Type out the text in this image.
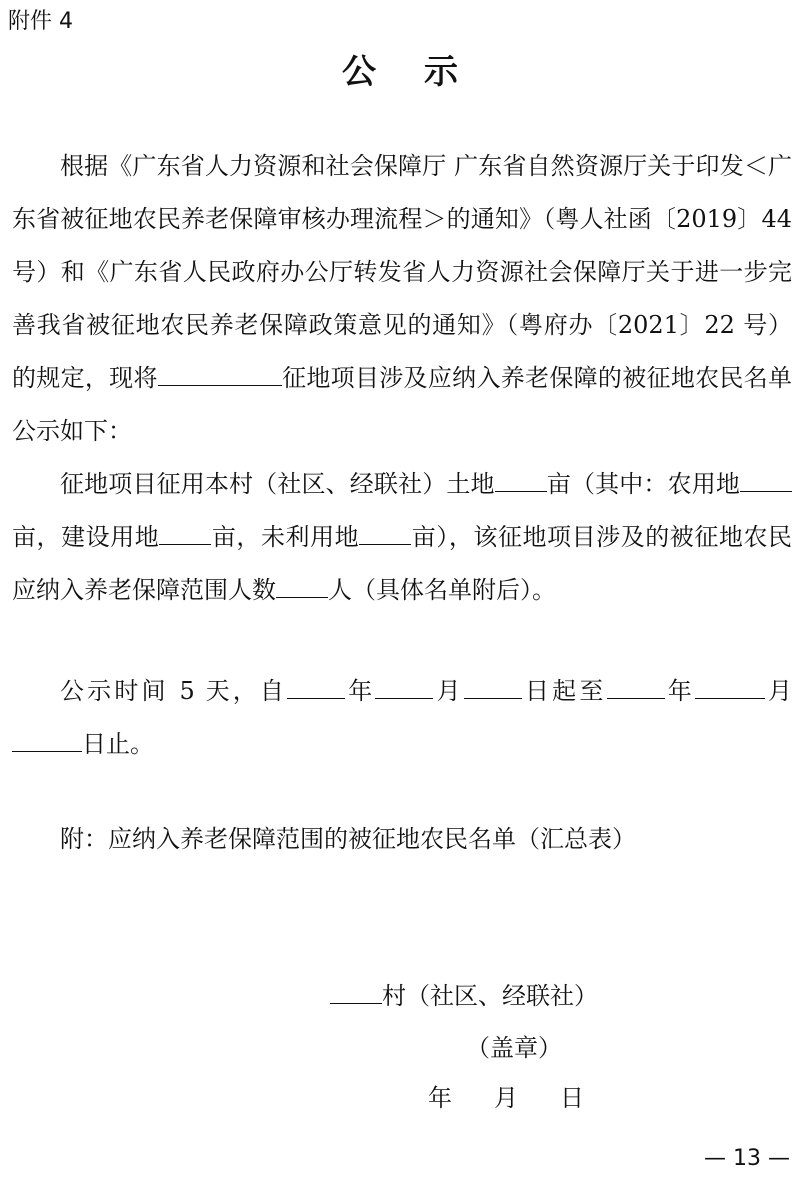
附件 4
公示

根据《广东省人力资源和社会保障厅 广东省自然资源厅关于印发＜广东省被征地农民养老保障审核办理流程＞的通知》（粤人社函〔2019〕44 号）和《广东省人民政府办公厅转发省人力资源社会保障厅关于进一步完善我省被征地农民养老保障政策意见的通知》（粤府办〔2021〕22 号）的规定，现将	征地项目涉及应纳入养老保障的被征地农民名单公示如下：

征地项目征用本村（社区、经联社）土地 亩（其中：农用地亩，建设用地 亩，未利用地 亩），该征地项目涉及的被征地农民应纳入养老保障范围人数 人（具体名单附后）。

公示时间 5 天，自 年 月 日起至 年	月日止。

附：应纳入养老保障范围的被征地农民名单（汇总表）
村（社区、经联社）
（盖章）
年 月 日
— 13 —
